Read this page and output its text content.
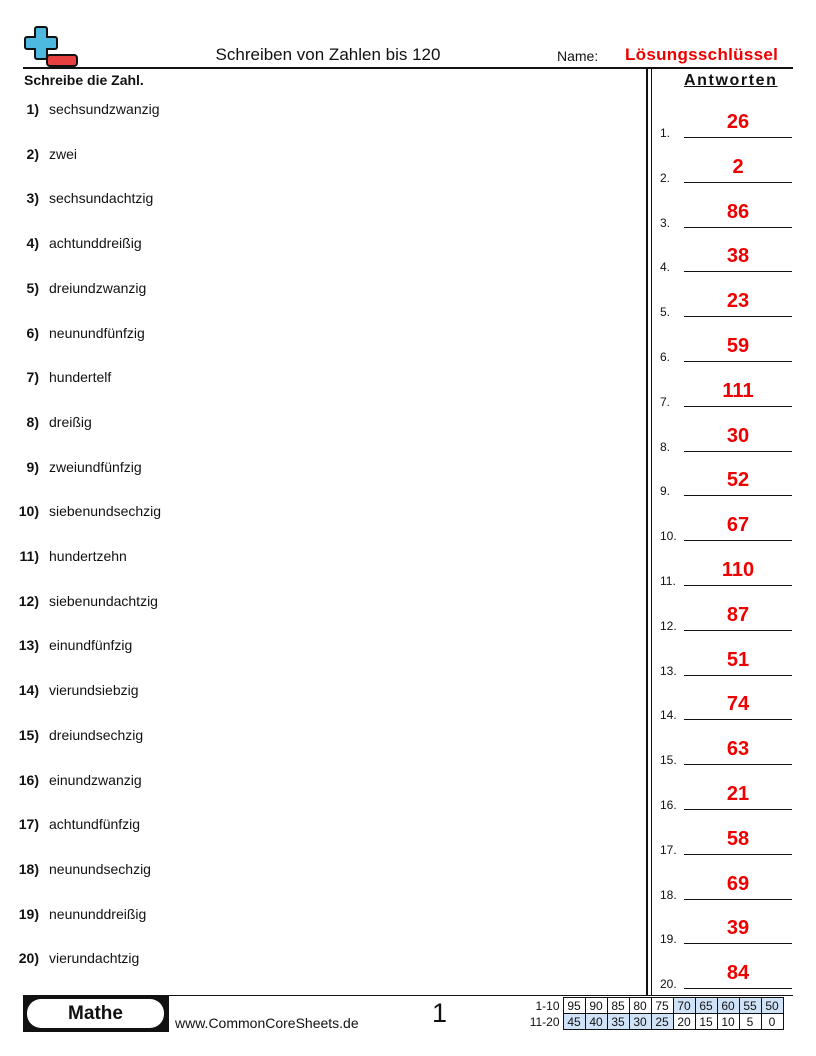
Schreiben von Zahlen bis 120	Name: Lösungsschlüssel
Schreibe die Zahl.	Antworten
1) sechsundzwanzig
2) zwei
3) sechsundachtzig
4) achtunddreißig
5) dreiundzwanzig
6) neunundfünfzig
7) hundertelf
8) dreißig
9) zweiundfünfzig
10) siebenundsechzig
11) hundertzehn
12) siebenundachtzig
13) einundfünfzig
14) vierundsiebzig
15) dreiundsechzig
16) einundzwanzig
17) achtundfünfzig
18) neunundsechzig
19) neununddreißig
20) vierundachtzig
1.	26
2.	2
3.	86
4.	38
5.	23
6.	59
7.	111
8.	30
9.	52
10.	67
11.	110
12.	87
13.	51
14.	74
15.	63
16.	21
17.	58
18.	69
19.	39
20.	84
Mathe	www.CommonCoreSheets.de	1	1-10	95	90	85	80	75	70	65	60	55	50
11-20	45	40	35	30	25	20	15	10	5	0
